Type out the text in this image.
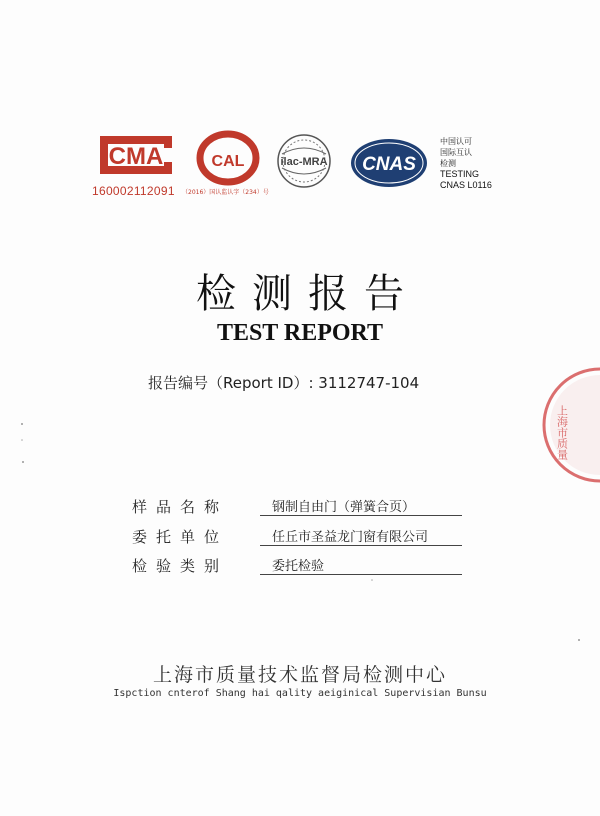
CMA
160002112091 （2016）国认监认字（234）号
CAL	ilac-MRA CNAS
中国认可
国际互认
检测
TESTING
CNAS L0116
检测报告
TEST REPORT
报告编号（Report ID）: 3112747-104
样品名称	钢制自由门（弹簧合页）
委托单位	任丘市圣益龙门窗有限公司
检验类别	委托检验
上海市质量技术监督局检测中心
Ispction cnterof Shang hai qality aeiginical Supervisian Bunsu
上海市质量
